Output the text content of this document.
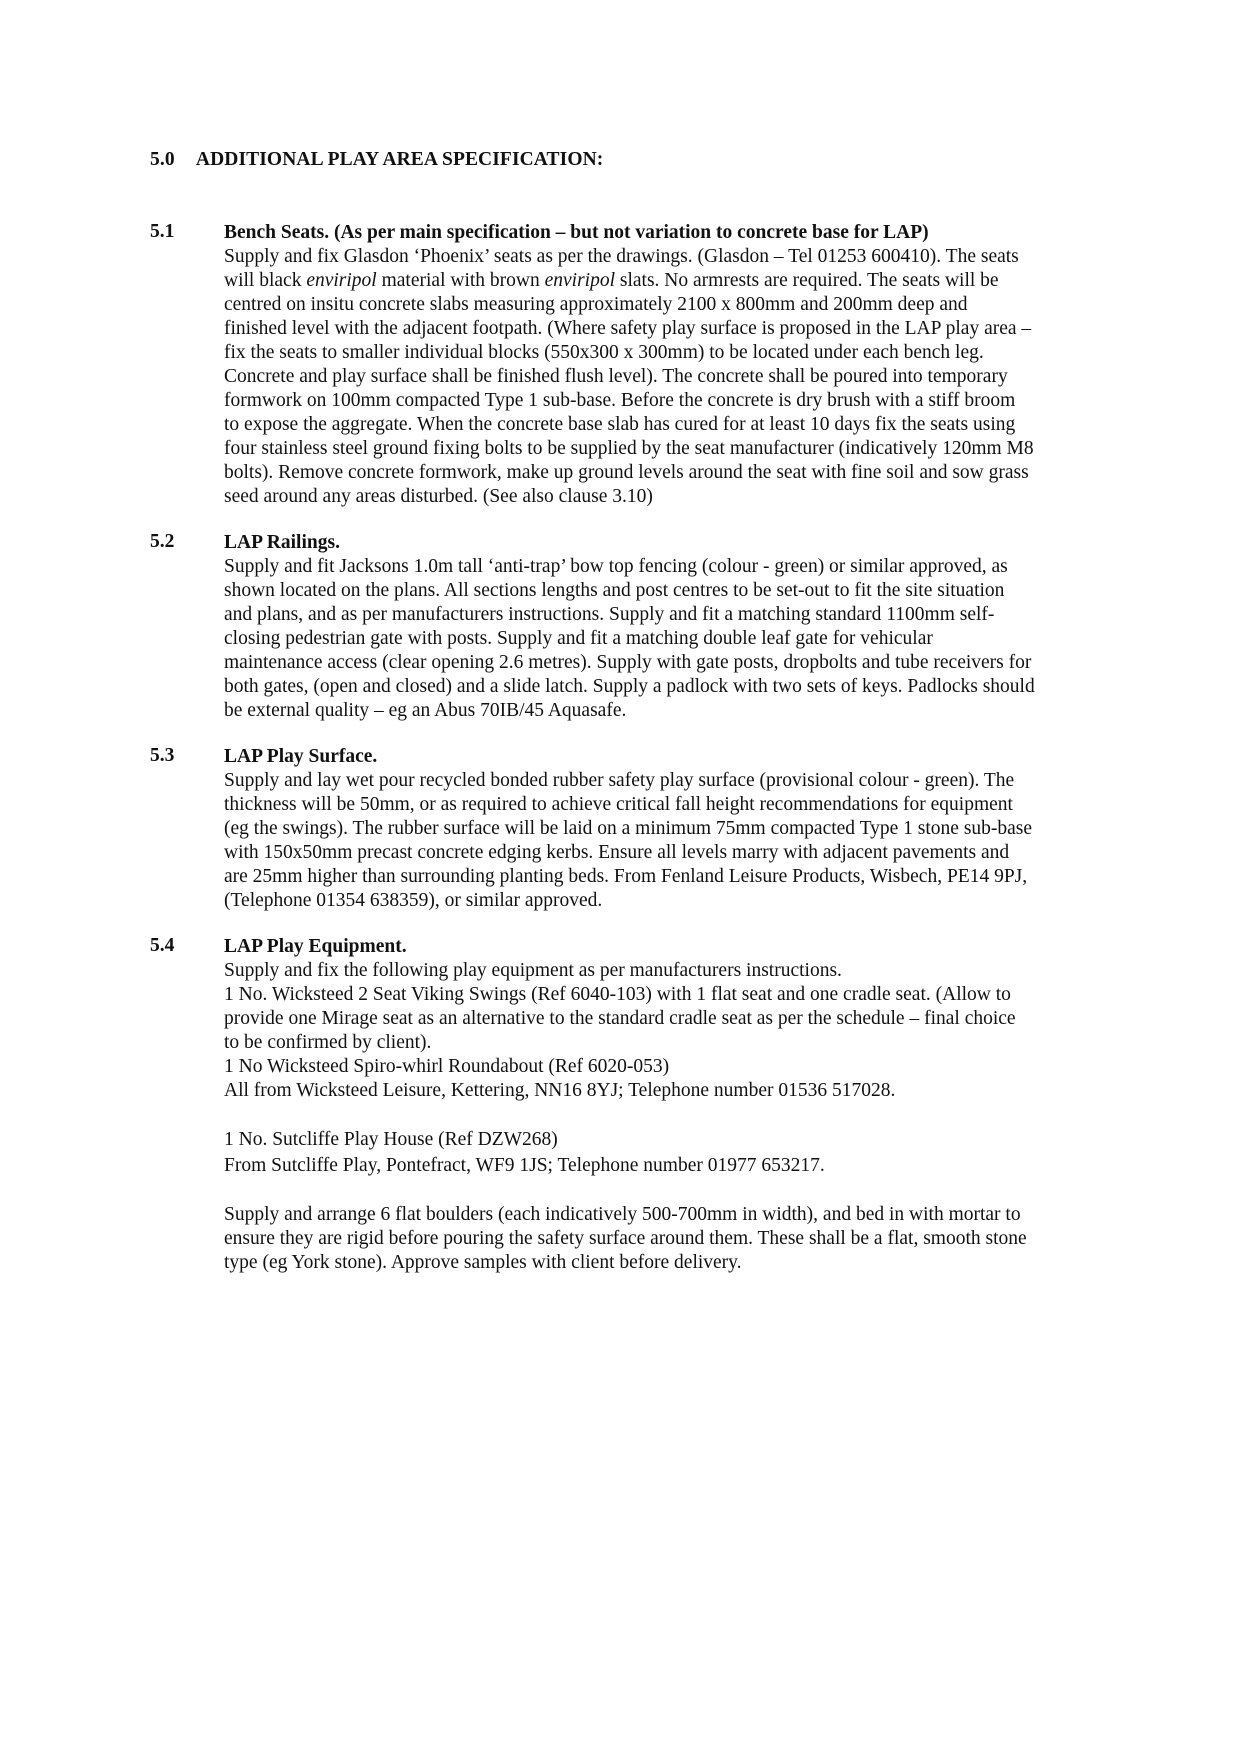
5.0 ADDITIONAL PLAY AREA SPECIFICATION:
5.1	Bench Seats. (As per main specification – but not variation to concrete base for LAP)
Supply and fix Glasdon ‘Phoenix’ seats as per the drawings. (Glasdon – Tel 01253 600410). The seats
will black enviripol material with brown enviripol slats. No armrests are required. The seats will be
centred on insitu concrete slabs measuring approximately 2100 x 800mm and 200mm deep and
finished level with the adjacent footpath. (Where safety play surface is proposed in the LAP play area –
fix the seats to smaller individual blocks (550x300 x 300mm) to be located under each bench leg.
Concrete and play surface shall be finished flush level). The concrete shall be poured into temporary
formwork on 100mm compacted Type 1 sub-base. Before the concrete is dry brush with a stiff broom
to expose the aggregate. When the concrete base slab has cured for at least 10 days fix the seats using
four stainless steel ground fixing bolts to be supplied by the seat manufacturer (indicatively 120mm M8
bolts). Remove concrete formwork, make up ground levels around the seat with fine soil and sow grass
seed around any areas disturbed. (See also clause 3.10)
5.2	LAP Railings.
Supply and fit Jacksons 1.0m tall ‘anti-trap’ bow top fencing (colour - green) or similar approved, as
shown located on the plans. All sections lengths and post centres to be set-out to fit the site situation
and plans, and as per manufacturers instructions. Supply and fit a matching standard 1100mm self-
closing pedestrian gate with posts. Supply and fit a matching double leaf gate for vehicular
maintenance access (clear opening 2.6 metres). Supply with gate posts, dropbolts and tube receivers for
both gates, (open and closed) and a slide latch. Supply a padlock with two sets of keys. Padlocks should
be external quality – eg an Abus 70IB/45 Aquasafe.
5.3	LAP Play Surface.
Supply and lay wet pour recycled bonded rubber safety play surface (provisional colour - green). The
thickness will be 50mm, or as required to achieve critical fall height recommendations for equipment
(eg the swings). The rubber surface will be laid on a minimum 75mm compacted Type 1 stone sub-base
with 150x50mm precast concrete edging kerbs. Ensure all levels marry with adjacent pavements and
are 25mm higher than surrounding planting beds. From Fenland Leisure Products, Wisbech, PE14 9PJ,
(Telephone 01354 638359), or similar approved.
5.4	LAP Play Equipment.
Supply and fix the following play equipment as per manufacturers instructions.
1 No. Wicksteed 2 Seat Viking Swings (Ref 6040-103) with 1 flat seat and one cradle seat. (Allow to
provide one Mirage seat as an alternative to the standard cradle seat as per the schedule – final choice
to be confirmed by client).
1 No Wicksteed Spiro-whirl Roundabout (Ref 6020-053)
All from Wicksteed Leisure, Kettering, NN16 8YJ; Telephone number 01536 517028.
1 No. Sutcliffe Play House (Ref DZW268)
From Sutcliffe Play, Pontefract, WF9 1JS; Telephone number 01977 653217.
Supply and arrange 6 flat boulders (each indicatively 500-700mm in width), and bed in with mortar to
ensure they are rigid before pouring the safety surface around them. These shall be a flat, smooth stone
type (eg York stone). Approve samples with client before delivery.
